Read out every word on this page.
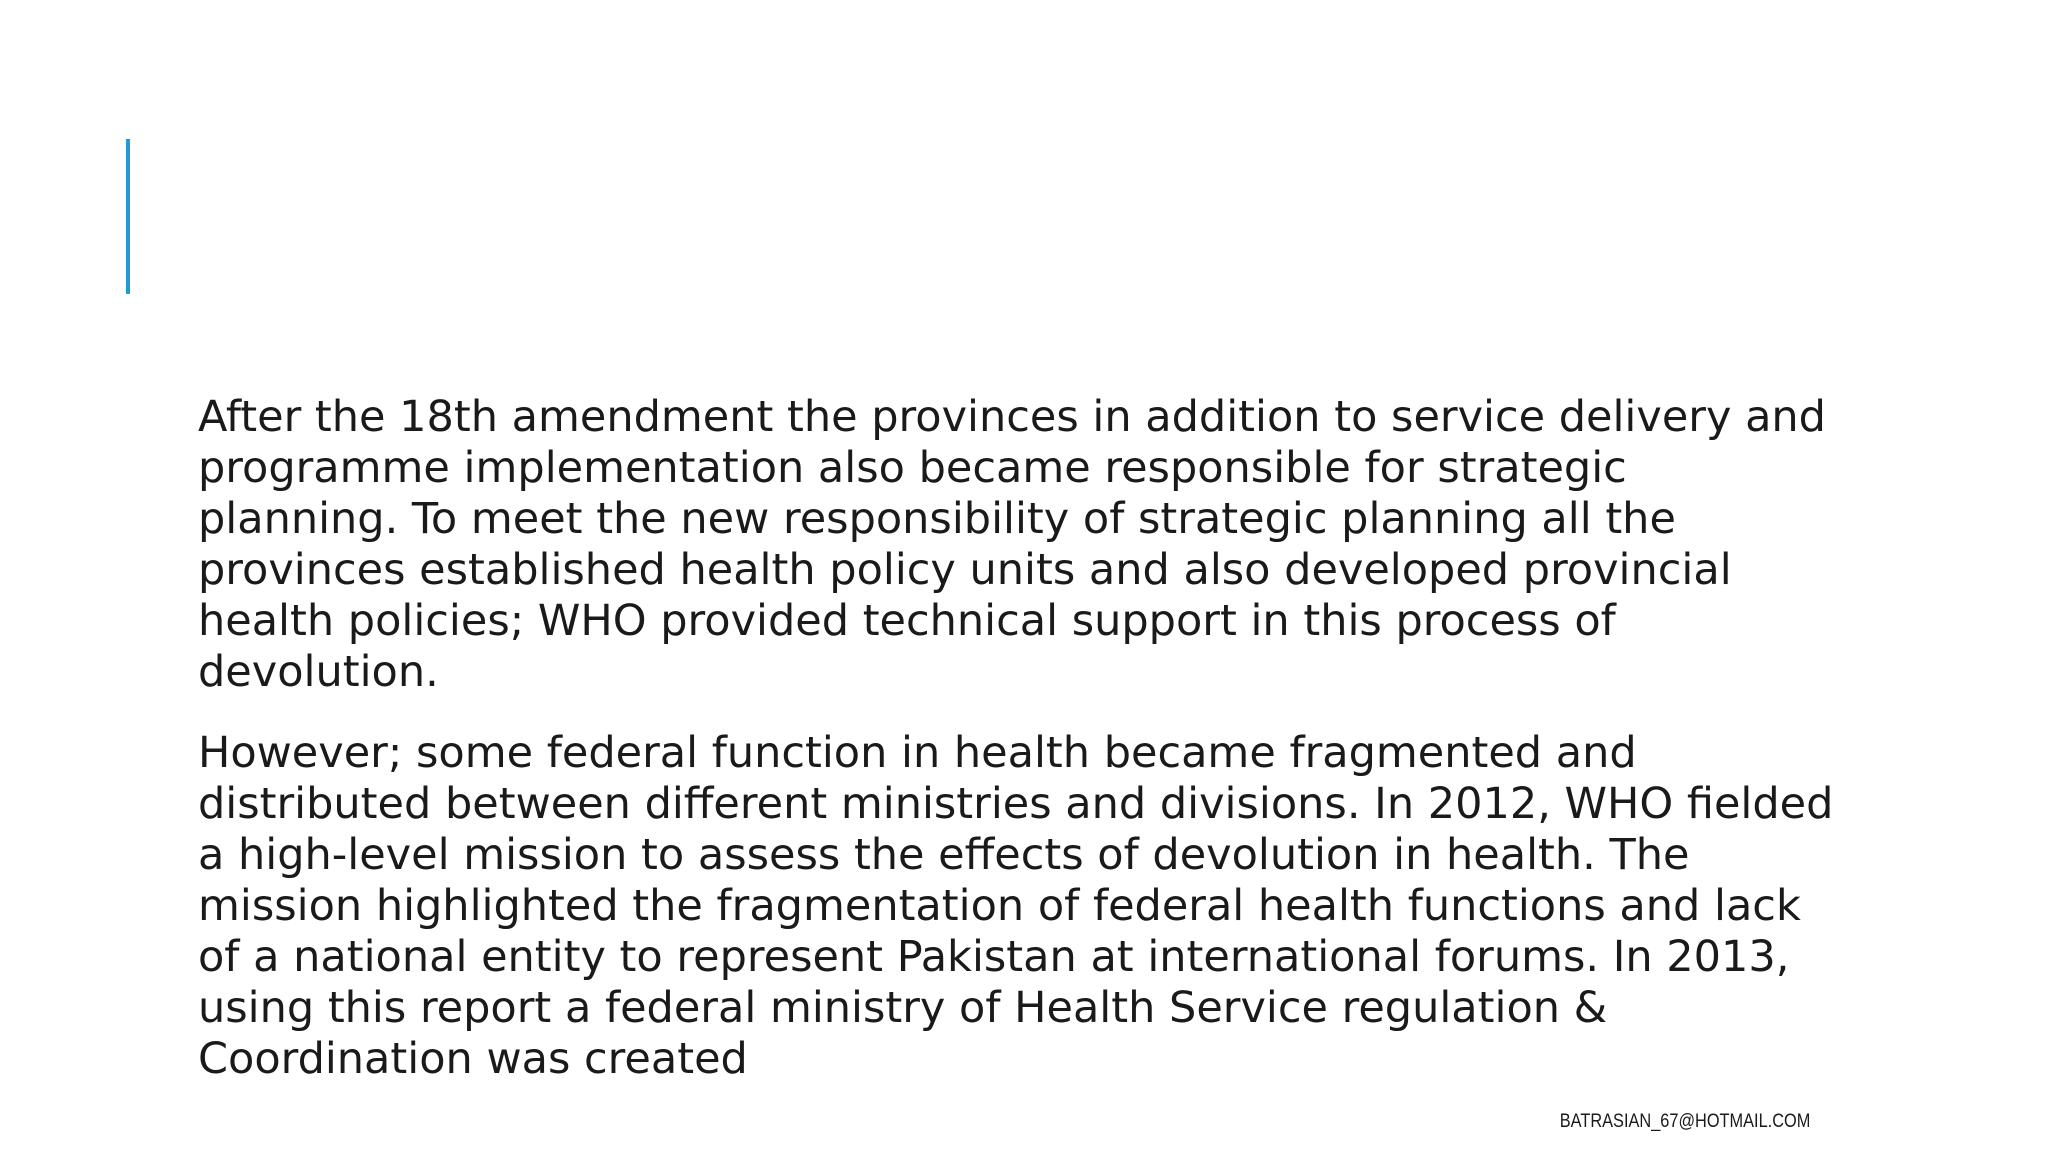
After the 18th amendment the provinces in addition to service delivery and programme implementation also became responsible for strategic planning. To meet the new responsibility of strategic planning all the provinces established health policy units and also developed provincial health policies; WHO provided technical support in this process of devolution.

However; some federal function in health became fragmented and distributed between different ministries and divisions. In 2012, WHO fielded a high-level mission to assess the effects of devolution in health. The mission highlighted the fragmentation of federal health functions and lack of a national entity to represent Pakistan at international forums. In 2013, using this report a federal ministry of Health Service regulation & Coordination was created

BATRASIAN_67@HOTMAIL.COM
